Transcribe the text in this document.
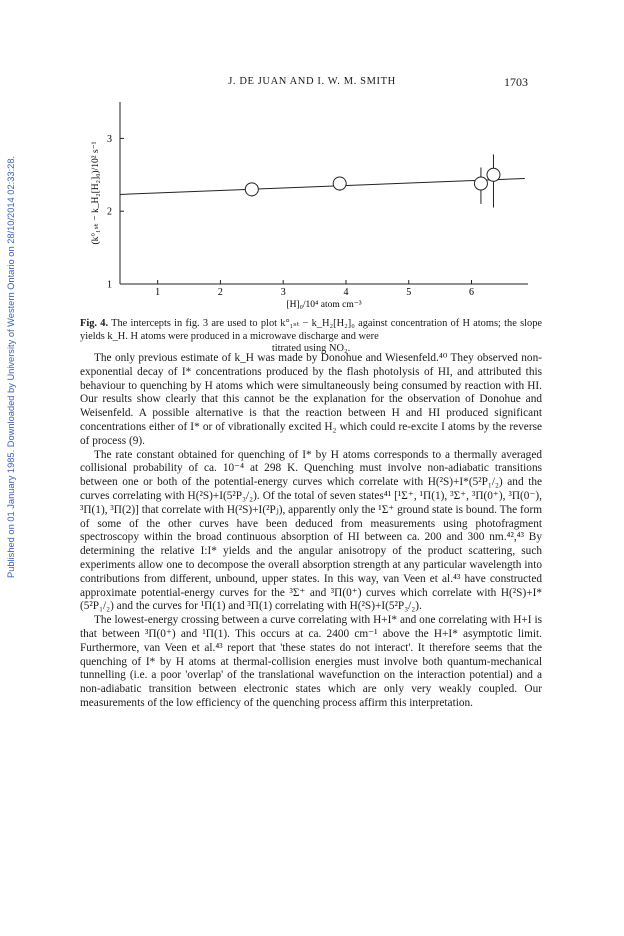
J. DE JUAN AND I. W. M. SMITH	1703
Published on 01 January 1985. Downloaded by University of Western Ontario on 28/10/2014 02:33:28.	1	2	3	4	5	6
1
2
3
[H]₀/10⁴ atom cm⁻³
(k°₁ₛₜ − k_H₂[H₂]₀)/10² s⁻¹
Fig. 4. The intercepts in fig. 3 are used to plot k°₁ₛₜ − k_H₂[H₂]₀ against concentration of H atoms; the slope yields k_H. H atoms were produced in a microwave discharge and were
titrated using NO₂.

The only previous estimate of k_H was made by Donohue and Wiesenfeld.⁴⁰ They observed non-exponential decay of I* concentrations produced by the flash photolysis of HI, and attributed this behaviour to quenching by H atoms which were simultaneously being consumed by reaction with HI. Our results show clearly that this cannot be the explanation for the observation of Donohue and Weisenfeld. A possible alternative is that the reaction between H and HI produced significant concentrations either of I* or of vibrationally excited H₂ which could re-excite I atoms by the reverse of process (9).

The rate constant obtained for quenching of I* by H atoms corresponds to a thermally averaged collisional probability of ca. 10⁻⁴ at 298 K. Quenching must involve non-adiabatic transitions between one or both of the potential-energy curves which correlate with H(²S)+I*(5²P₁/₂) and the curves correlating with H(²S)+I(5²P₃/₂). Of the total of seven states⁴¹ [¹Σ⁺, ¹Π(1), ³Σ⁺, ³Π(0⁺), ³Π(0⁻), ³Π(1), ³Π(2)] that correlate with H(²S)+I(²Pⱼ), apparently only the ¹Σ⁺ ground state is bound. The form of some of the other curves have been deduced from measurements using photofragment spectroscopy within the broad continuous absorption of HI between ca. 200 and 300 nm.⁴²,⁴³ By determining the relative I:I* yields and the angular anisotropy of the product scattering, such experiments allow one to decompose the overall absorption strength at any particular wavelength into contributions from different, unbound, upper states. In this way, van Veen et al.⁴³ have constructed approximate potential-energy curves for the ³Σ⁺ and ³Π(0⁺) curves which correlate with H(²S)+I*(5²P₁/₂) and the curves for ¹Π(1) and ³Π(1) correlating with H(²S)+I(5²P₃/₂).

The lowest-energy crossing between a curve correlating with H+I* and one correlating with H+I is that between ³Π(0⁺) and ¹Π(1). This occurs at ca. 2400 cm⁻¹ above the H+I* asymptotic limit. Furthermore, van Veen et al.⁴³ report that 'these states do not interact'. It therefore seems that the quenching of I* by H atoms at thermal-collision energies must involve both quantum-mechanical tunnelling (i.e. a poor 'overlap' of the translational wavefunction on the interaction potential) and a non-adiabatic transition between electronic states which are only very weakly coupled. Our measurements of the low efficiency of the quenching process affirm this interpretation.
